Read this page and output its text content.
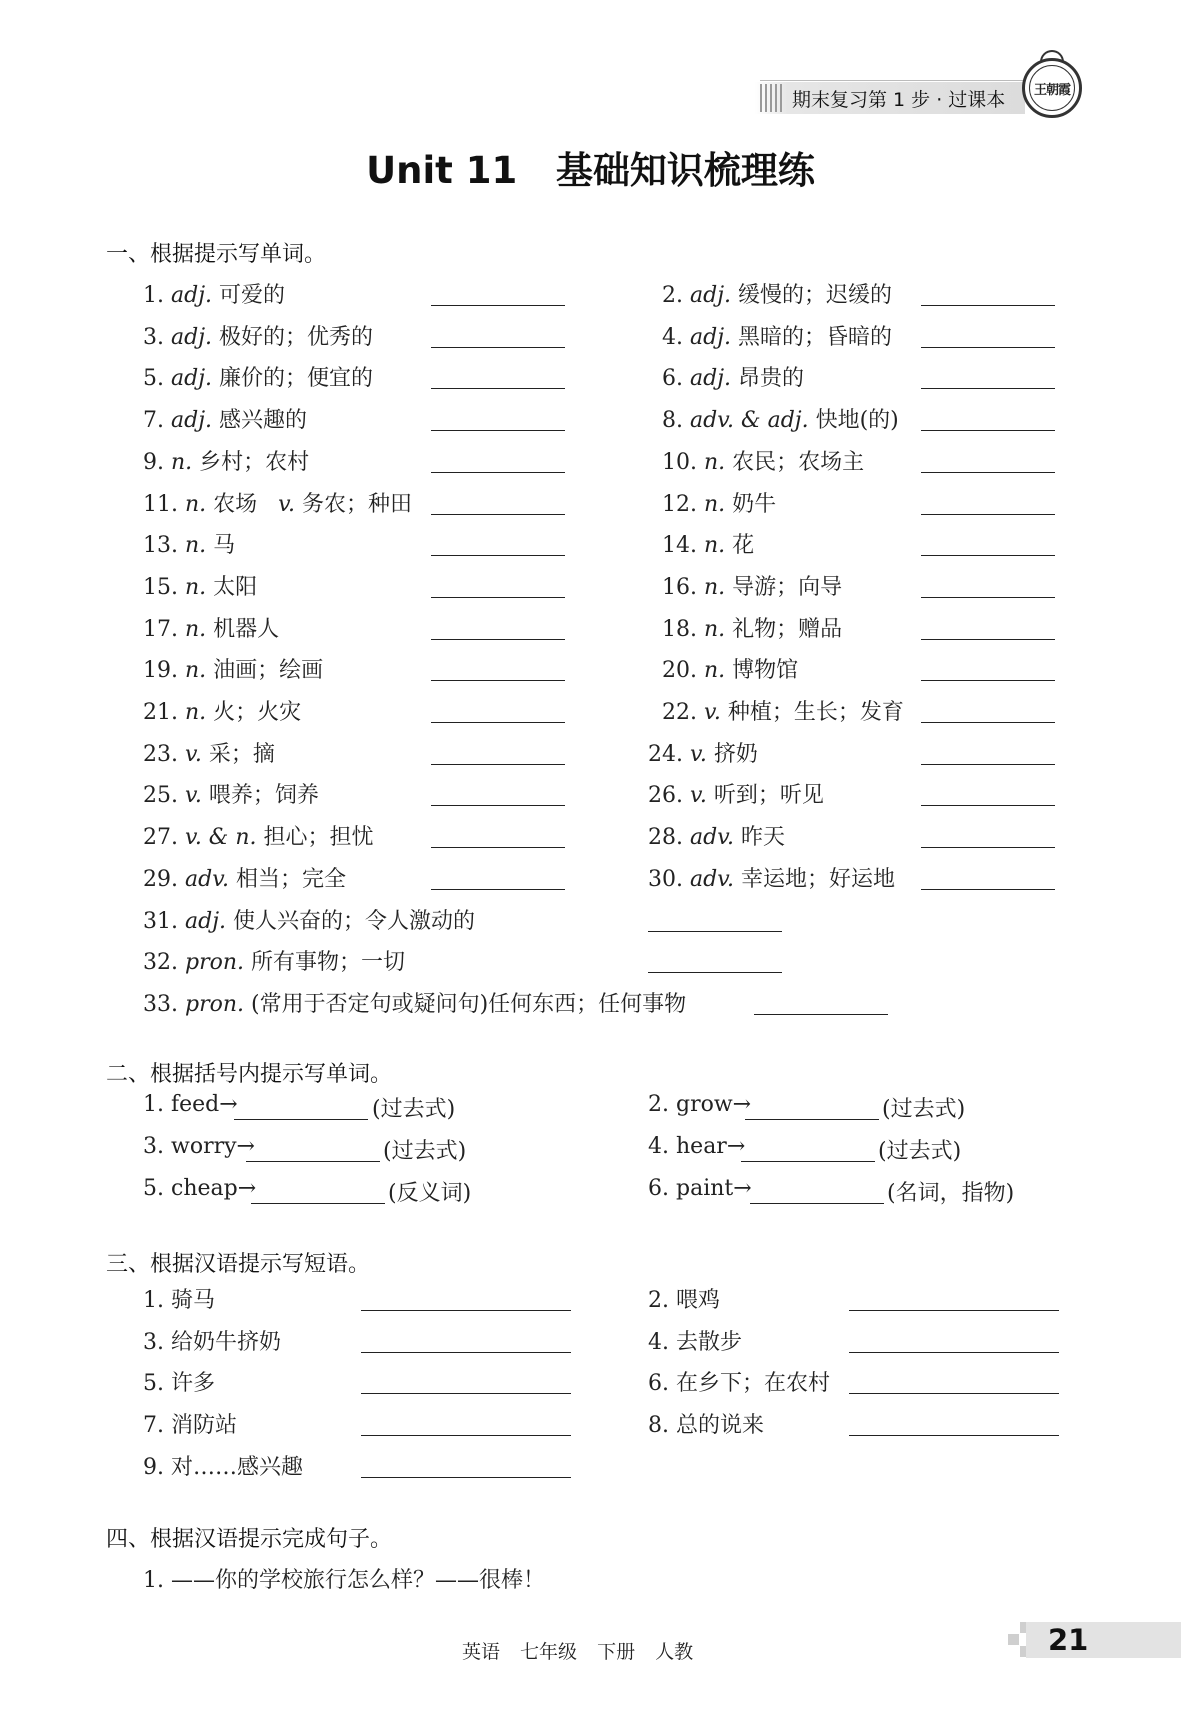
期末复习第 1 步 · 过课本	王朝霞
Unit 11   基础知识梳理练
一、根据提示写单词。
二、根据括号内提示写单词。
三、根据汉语提示写短语。
四、根据汉语提示完成句子。
1. adj. 可爱的	2. adj. 缓慢的；迟缓的
3. adj. 极好的；优秀的	4. adj. 黑暗的；昏暗的
5. adj. 廉价的；便宜的	6. adj. 昂贵的
7. adj. 感兴趣的	8. adv. & adj. 快地(的)
9. n. 乡村；农村	10. n. 农民；农场主
11. n. 农场 v. 务农；种田	12. n. 奶牛
13. n. 马	14. n. 花
15. n. 太阳	16. n. 导游；向导
17. n. 机器人	18. n. 礼物；赠品
19. n. 油画；绘画	20. n. 博物馆
21. n. 火；火灾	22. v. 种植；生长；发育
23. v. 采；摘	24. v. 挤奶
25. v. 喂养；饲养	26. v. 听到；听见
27. v. & n. 担心；担忧	28. adv. 昨天
29. adv. 相当；完全	30. adv. 幸运地；好运地
31. adj. 使人兴奋的；令人激动的
32. pron. 所有事物；一切
33. pron. (常用于否定句或疑问句)任何东西；任何事物
1. feed→	(过去式)	2. grow→	(过去式)
3. worry→	(过去式)	4. hear→	(过去式)
5. cheap→	(反义词)	6. paint→	(名词，指物)
1. 骑马	2. 喂鸡
3. 给奶牛挤奶	4. 去散步
5. 许多	6. 在乡下；在农村
7. 消防站	8. 总的说来
9. 对……感兴趣
1. ——你的学校旅行怎么样？——很棒！
英语 七年级 下册 人教	21
